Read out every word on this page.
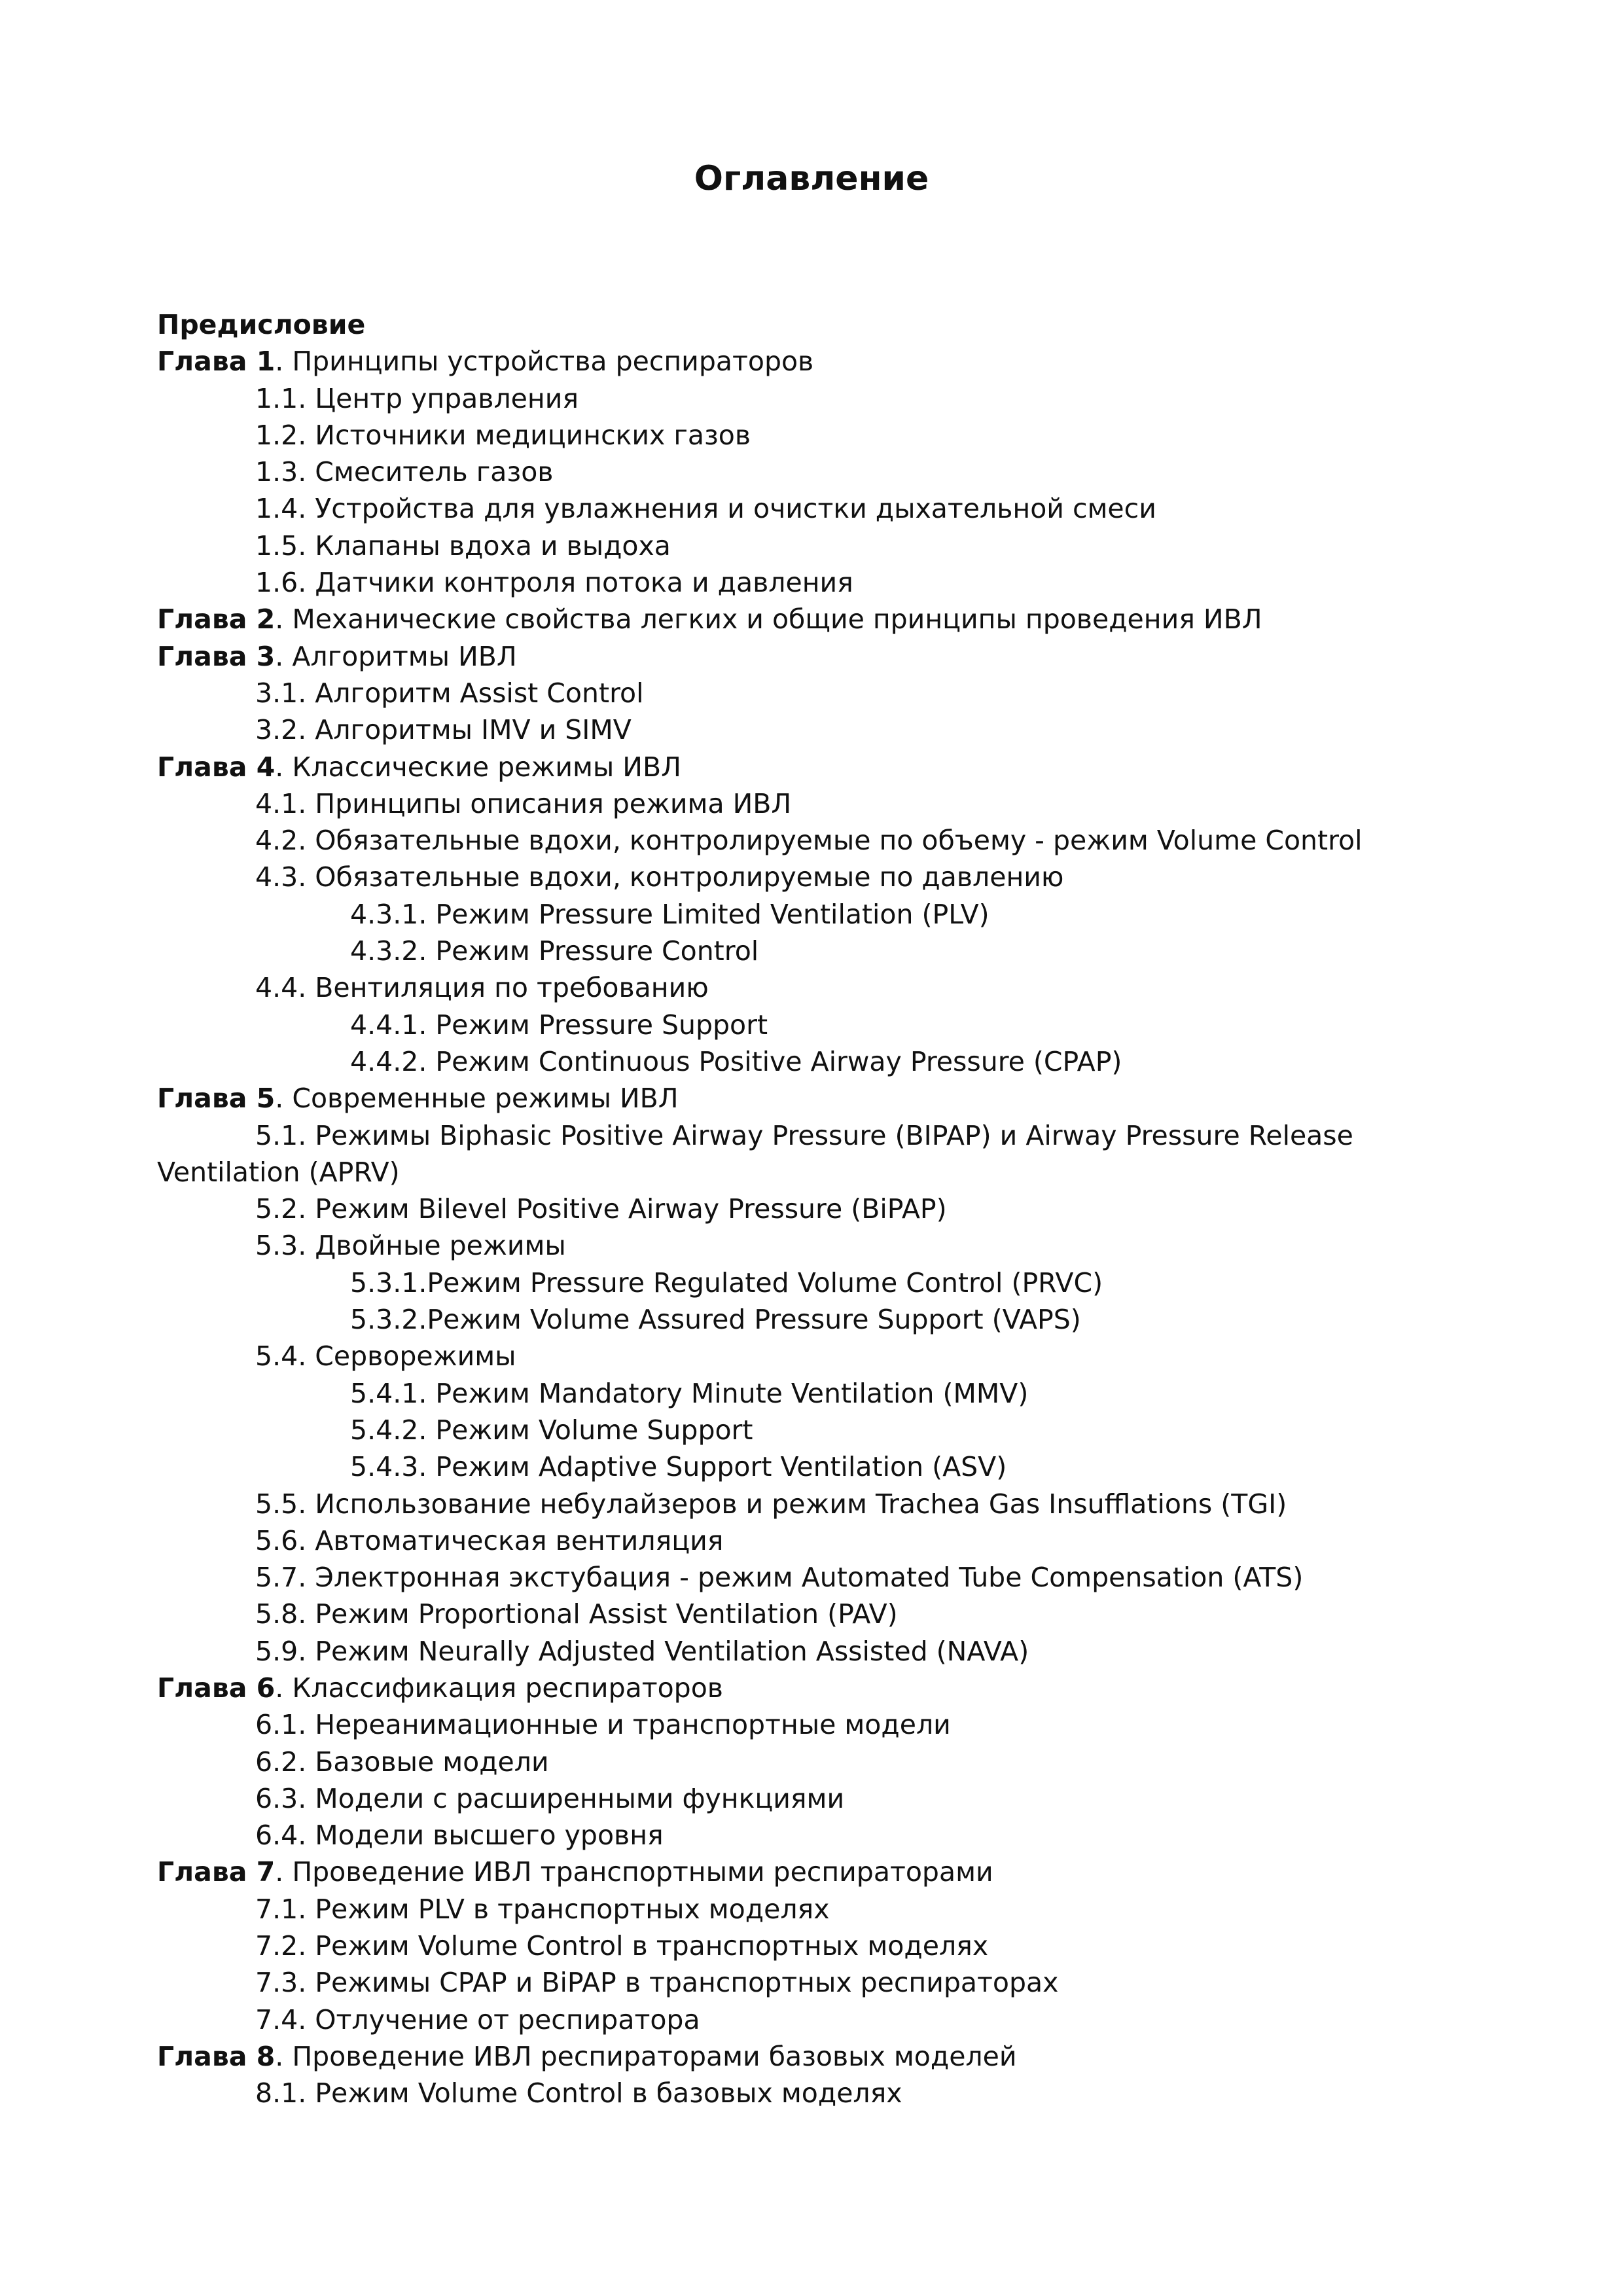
Оглавление
Предисловие
Глава 1. Принципы устройства респираторов
1.1. Центр управления
1.2. Источники медицинских газов
1.3. Смеситель газов
1.4. Устройства для увлажнения и очистки дыхательной смеси
1.5. Клапаны вдоха и выдоха
1.6. Датчики контроля потока и давления
Глава 2. Механические свойства легких и общие принципы проведения ИВЛ
Глава 3. Алгоритмы ИВЛ
3.1. Алгоритм Assist Control
3.2. Алгоритмы IMV и SIMV
Глава 4. Классические режимы ИВЛ
4.1. Принципы описания режима ИВЛ
4.2. Обязательные вдохи, контролируемые по объему - режим Volume Control
4.3. Обязательные вдохи, контролируемые по давлению
4.3.1. Режим Pressure Limited Ventilation (PLV)
4.3.2. Режим Pressure Control
4.4. Вентиляция по требованию
4.4.1. Режим Pressure Support
4.4.2. Режим Continuous Positive Airway Pressure (CPAP)
Глава 5. Современные режимы ИВЛ
5.1. Режимы Biphasic Positive Airway Pressure (BIPAP) и Airway Pressure Release
Ventilation (APRV)
5.2. Режим Bilevel Positive Airway Pressure (BiPAP)
5.3. Двойные режимы
5.3.1.Режим Pressure Regulated Volume Control (PRVC)
5.3.2.Режим Volume Assured Pressure Support (VAPS)
5.4. Серворежимы
5.4.1. Режим Mandatory Minute Ventilation (MMV)
5.4.2. Режим Volume Support
5.4.3. Режим Adaptive Support Ventilation (ASV)
5.5. Использование небулайзеров и режим Trachea Gas Insufflations (TGI)
5.6. Автоматическая вентиляция
5.7. Электронная экстубация - режим Automated Tube Compensation (ATS)
5.8. Режим Proportional Assist Ventilation (PAV)
5.9. Режим Neurally Adjusted Ventilation Assisted (NAVA)
Глава 6. Классификация респираторов
6.1. Нереанимационные и транспортные модели
6.2. Базовые модели
6.3. Модели с расширенными функциями
6.4. Модели высшего уровня
Глава 7. Проведение ИВЛ транспортными респираторами
7.1. Режим PLV в транспортных моделях
7.2. Режим Volume Control в транспортных моделях
7.3. Режимы CPAP и BiPAP в транспортных респираторах
7.4. Отлучение от респиратора
Глава 8. Проведение ИВЛ респираторами базовых моделей
8.1. Режим Volume Control в базовых моделях
